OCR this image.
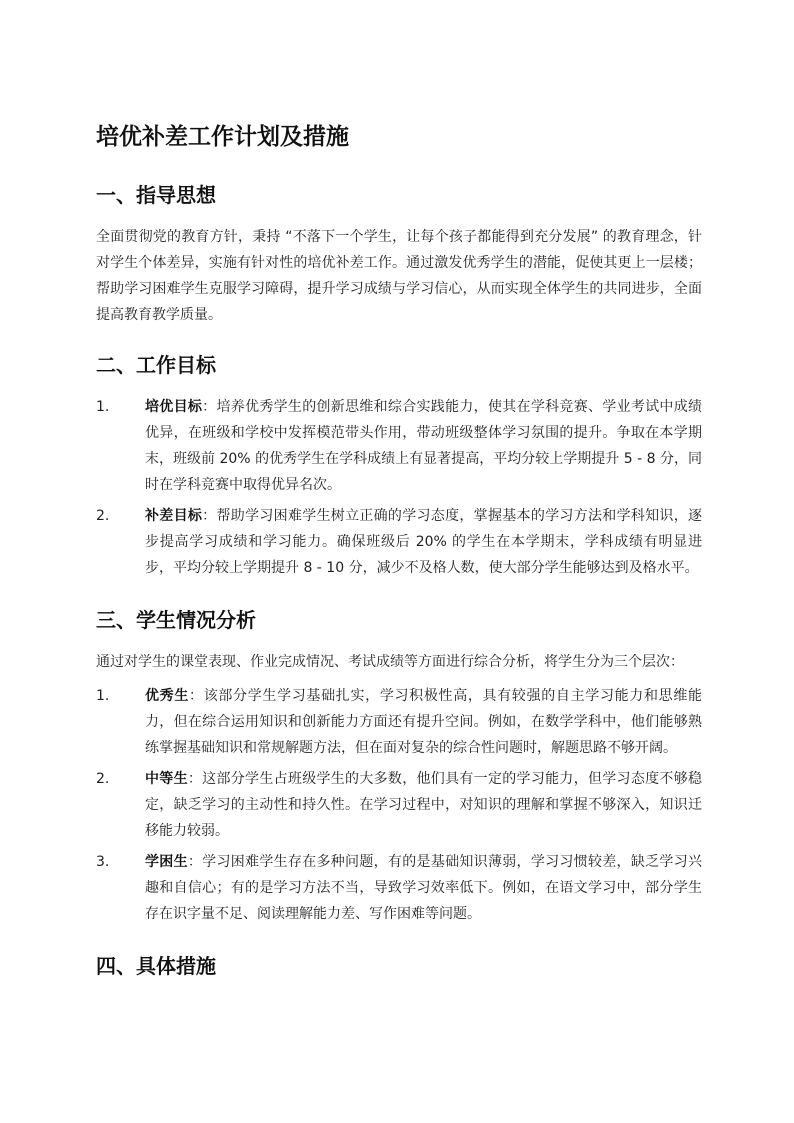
培优补差工作计划及措施
一、指导思想

全面贯彻党的教育方针，秉持 “不落下一个学生，让每个孩子都能得到充分发展” 的教育理念，针对学生个体差异，实施有针对性的培优补差工作。通过激发优秀学生的潜能，促使其更上一层楼；帮助学习困难学生克服学习障碍，提升学习成绩与学习信心，从而实现全体学生的共同进步，全面提高教育教学质量。

二、工作目标
1.	培优目标：培养优秀学生的创新思维和综合实践能力，使其在学科竞赛、学业考试中成绩优异，在班级和学校中发挥模范带头作用，带动班级整体学习氛围的提升。争取在本学期末，班级前 20% 的优秀学生在学科成绩上有显著提高，平均分较上学期提升 5 - 8 分，同时在学科竞赛中取得优异名次。
2.	补差目标：帮助学习困难学生树立正确的学习态度，掌握基本的学习方法和学科知识，逐步提高学习成绩和学习能力。确保班级后 20% 的学生在本学期末，学科成绩有明显进步，平均分较上学期提升 8 - 10 分，减少不及格人数，使大部分学生能够达到及格水平。
三、学生情况分析

通过对学生的课堂表现、作业完成情况、考试成绩等方面进行综合分析，将学生分为三个层次：

1.	优秀生：该部分学生学习基础扎实，学习积极性高，具有较强的自主学习能力和思维能力，但在综合运用知识和创新能力方面还有提升空间。例如，在数学学科中，他们能够熟练掌握基础知识和常规解题方法，但在面对复杂的综合性问题时，解题思路不够开阔。
2.	中等生：这部分学生占班级学生的大多数，他们具有一定的学习能力，但学习态度不够稳定，缺乏学习的主动性和持久性。在学习过程中，对知识的理解和掌握不够深入，知识迁移能力较弱。
3.	学困生：学习困难学生存在多种问题，有的是基础知识薄弱，学习习惯较差，缺乏学习兴趣和自信心；有的是学习方法不当，导致学习效率低下。例如，在语文学习中，部分学生存在识字量不足、阅读理解能力差、写作困难等问题。
四、具体措施
